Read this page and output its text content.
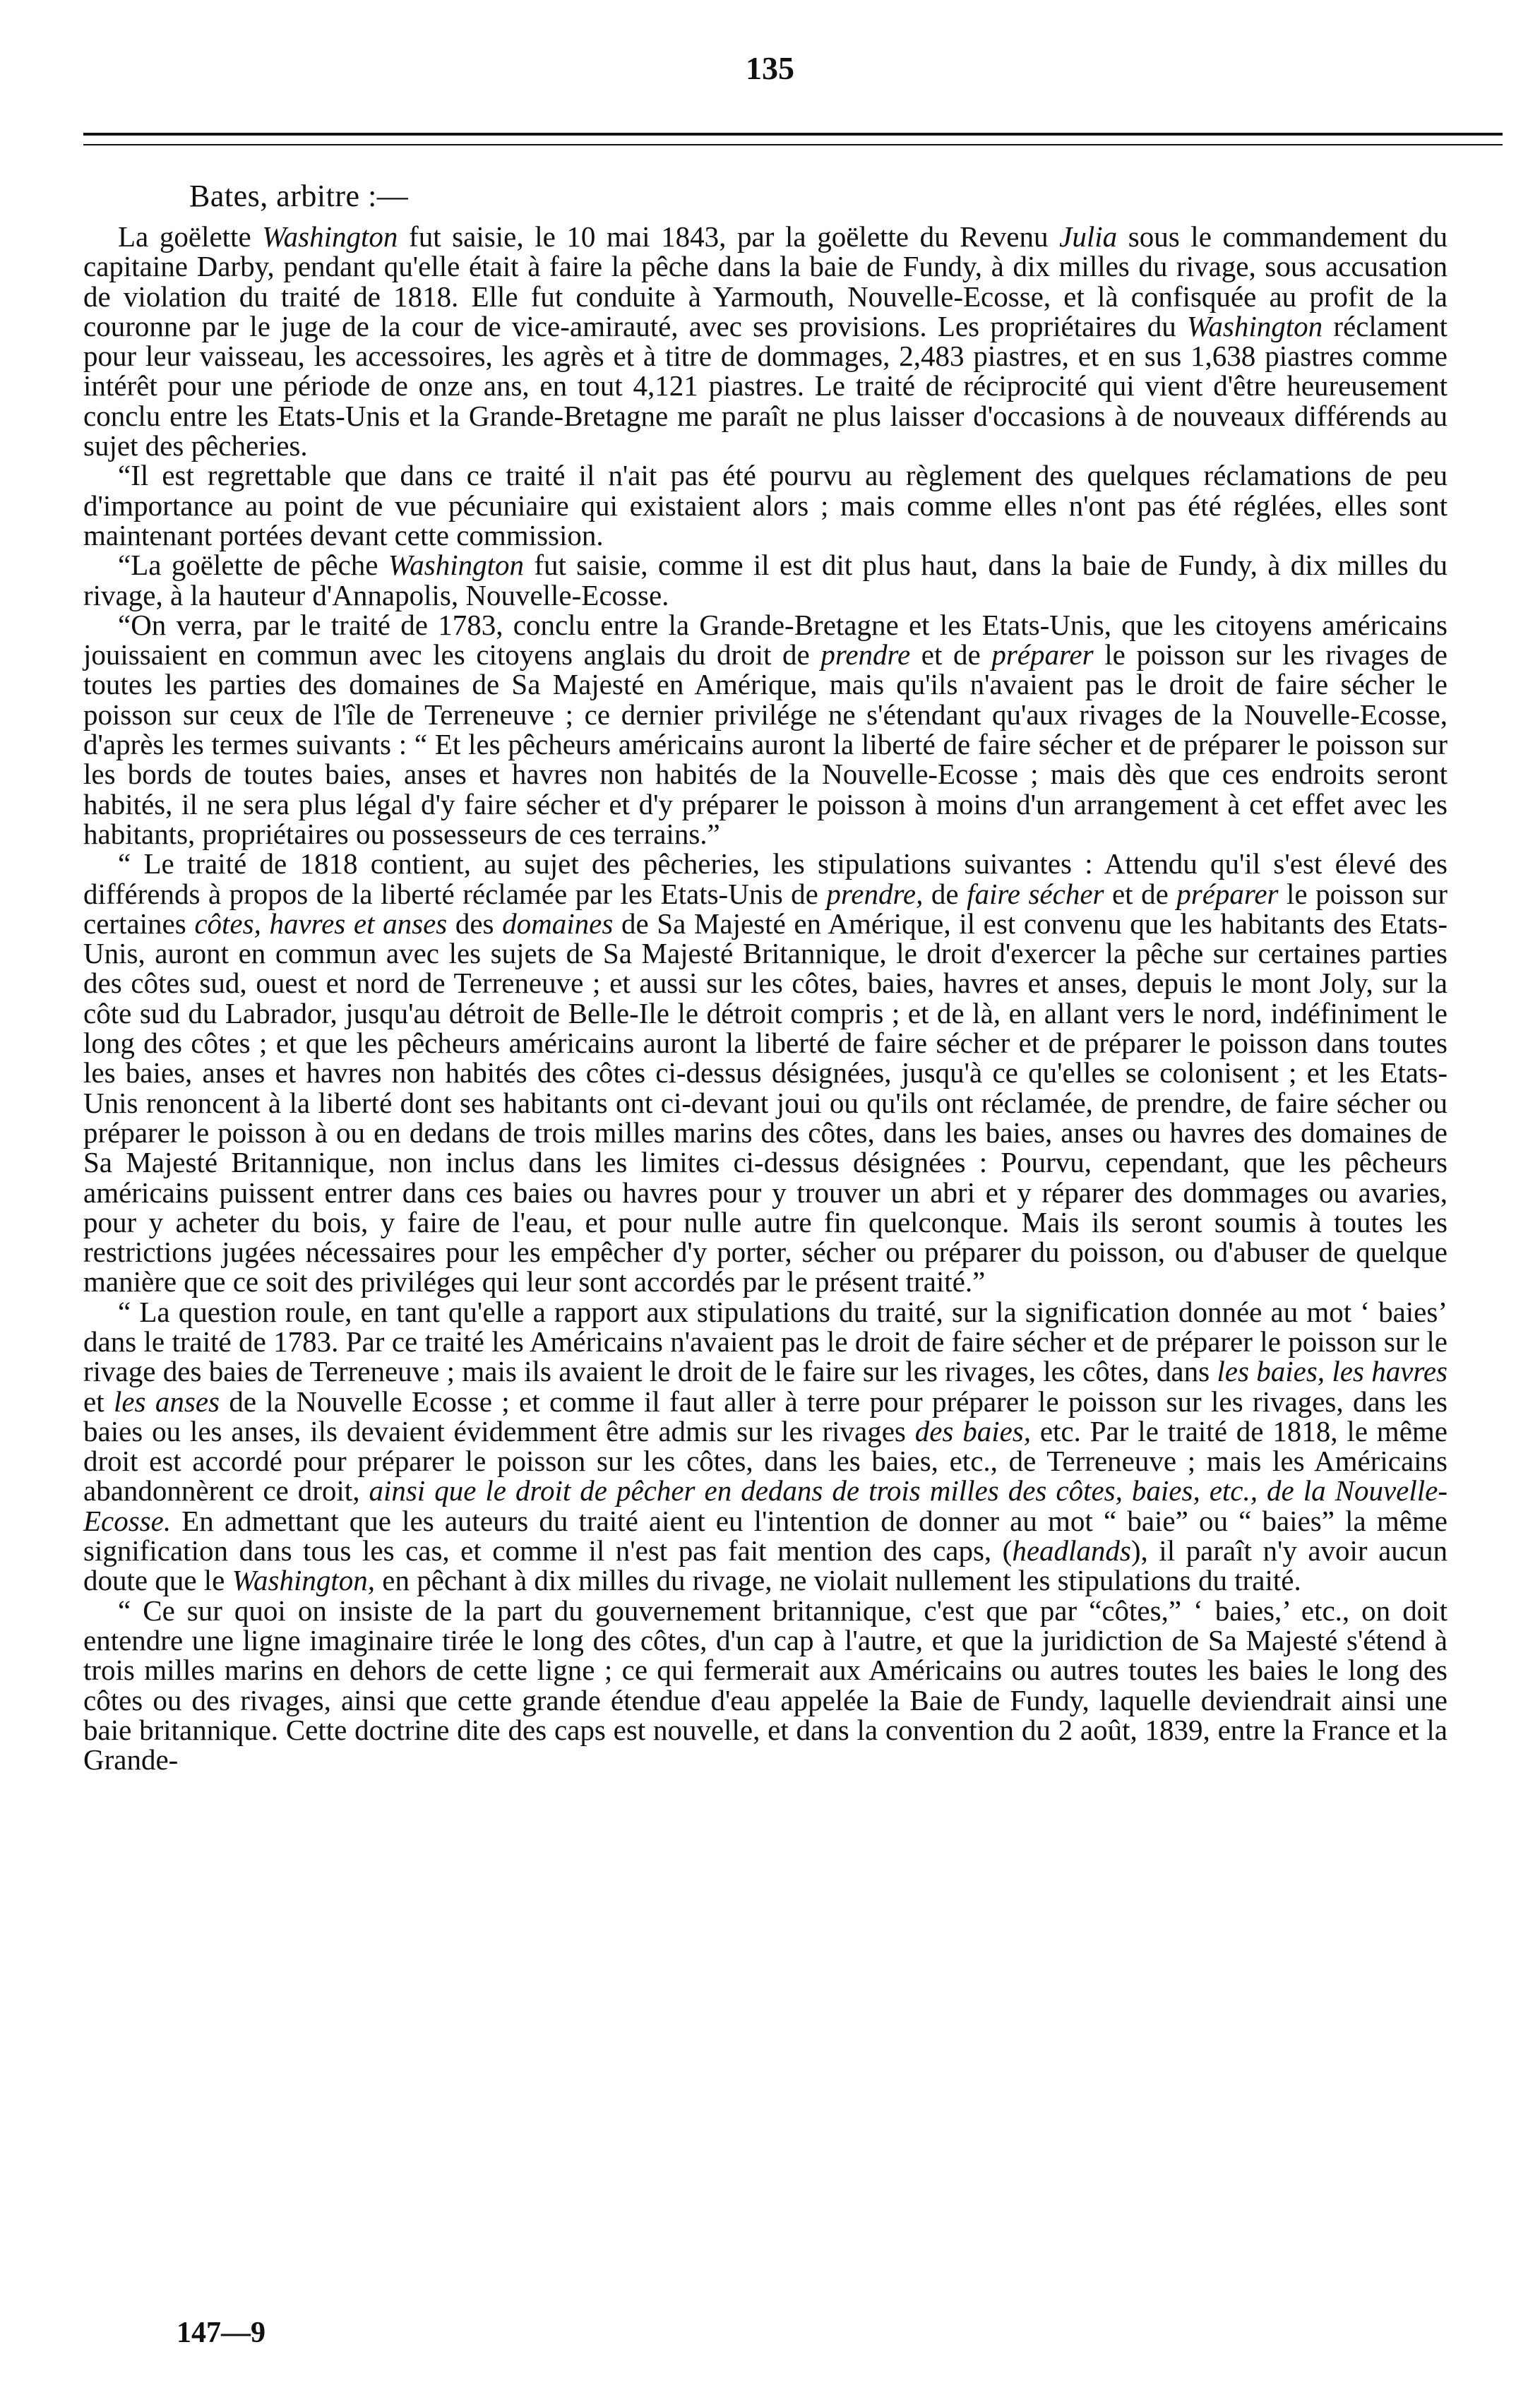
135
Bates, arbitre :—

La goëlette Washington fut saisie, le 10 mai 1843, par la goëlette du Revenu Julia sous le commandement du capitaine Darby, pendant qu'elle était à faire la pêche dans la baie de Fundy, à dix milles du rivage, sous accusation de violation du traité de 1818. Elle fut conduite à Yarmouth, Nouvelle-Ecosse, et là confisquée au profit de la couronne par le juge de la cour de vice-amirauté, avec ses provisions. Les propriétaires du Washington réclament pour leur vaisseau, les accessoires, les agrès et à titre de dommages, 2,483 piastres, et en sus 1,638 piastres comme intérêt pour une période de onze ans, en tout 4,121 piastres. Le traité de réciprocité qui vient d'être heureusement conclu entre les Etats-Unis et la Grande-Bretagne me paraît ne plus laisser d'occasions à de nouveaux différends au sujet des pêcheries.

“Il est regrettable que dans ce traité il n'ait pas été pourvu au règlement des quelques réclamations de peu d'importance au point de vue pécuniaire qui existaient alors ; mais comme elles n'ont pas été réglées, elles sont maintenant portées devant cette commission.

“La goëlette de pêche Washington fut saisie, comme il est dit plus haut, dans la baie de Fundy, à dix milles du rivage, à la hauteur d'Annapolis, Nouvelle-Ecosse.

“On verra, par le traité de 1783, conclu entre la Grande-Bretagne et les Etats-Unis, que les citoyens américains jouissaient en commun avec les citoyens anglais du droit de prendre et de préparer le poisson sur les rivages de toutes les parties des domaines de Sa Majesté en Amérique, mais qu'ils n'avaient pas le droit de faire sécher le poisson sur ceux de l'île de Terreneuve ; ce dernier privilége ne s'étendant qu'aux rivages de la Nouvelle-Ecosse, d'après les termes suivants : “ Et les pêcheurs américains auront la liberté de faire sécher et de préparer le poisson sur les bords de toutes baies, anses et havres non habités de la Nouvelle-Ecosse ; mais dès que ces endroits seront habités, il ne sera plus légal d'y faire sécher et d'y préparer le poisson à moins d'un arrangement à cet effet avec les habitants, propriétaires ou possesseurs de ces terrains.”

“ Le traité de 1818 contient, au sujet des pêcheries, les stipulations suivantes : Attendu qu'il s'est élevé des différends à propos de la liberté réclamée par les Etats-Unis de prendre, de faire sécher et de préparer le poisson sur certaines côtes, havres et anses des domaines de Sa Majesté en Amérique, il est convenu que les habitants des Etats-Unis, auront en commun avec les sujets de Sa Majesté Britannique, le droit d'exercer la pêche sur certaines parties des côtes sud, ouest et nord de Terreneuve ; et aussi sur les côtes, baies, havres et anses, depuis le mont Joly, sur la côte sud du Labrador, jusqu'au détroit de Belle-Ile le détroit compris ; et de là, en allant vers le nord, indéfiniment le long des côtes ; et que les pêcheurs américains auront la liberté de faire sécher et de préparer le poisson dans toutes les baies, anses et havres non habités des côtes ci-dessus désignées, jusqu'à ce qu'elles se colonisent ; et les Etats-Unis renoncent à la liberté dont ses habitants ont ci-devant joui ou qu'ils ont réclamée, de prendre, de faire sécher ou préparer le poisson à ou en dedans de trois milles marins des côtes, dans les baies, anses ou havres des domaines de Sa Majesté Britannique, non inclus dans les limites ci-dessus désignées : Pourvu, cependant, que les pêcheurs américains puissent entrer dans ces baies ou havres pour y trouver un abri et y réparer des dommages ou avaries, pour y acheter du bois, y faire de l'eau, et pour nulle autre fin quelconque. Mais ils seront soumis à toutes les restrictions jugées nécessaires pour les empêcher d'y porter, sécher ou préparer du poisson, ou d'abuser de quelque manière que ce soit des priviléges qui leur sont accordés par le présent traité.”

“ La question roule, en tant qu'elle a rapport aux stipulations du traité, sur la signification donnée au mot ‘ baies’ dans le traité de 1783. Par ce traité les Américains n'avaient pas le droit de faire sécher et de préparer le poisson sur le rivage des baies de Terreneuve ; mais ils avaient le droit de le faire sur les rivages, les côtes, dans les baies, les havres et les anses de la Nouvelle Ecosse ; et comme il faut aller à terre pour préparer le poisson sur les rivages, dans les baies ou les anses, ils devaient évidemment être admis sur les rivages des baies, etc. Par le traité de 1818, le même droit est accordé pour préparer le poisson sur les côtes, dans les baies, etc., de Terreneuve ; mais les Américains abandonnèrent ce droit, ainsi que le droit de pêcher en dedans de trois milles des côtes, baies, etc., de la Nouvelle-Ecosse. En admettant que les auteurs du traité aient eu l'intention de donner au mot “ baie” ou “ baies” la même signification dans tous les cas, et comme il n'est pas fait mention des caps, (headlands), il paraît n'y avoir aucun doute que le Washington, en pêchant à dix milles du rivage, ne violait nullement les stipulations du traité.

“ Ce sur quoi on insiste de la part du gouvernement britannique, c'est que par “côtes,” ‘ baies,’ etc., on doit entendre une ligne imaginaire tirée le long des côtes, d'un cap à l'autre, et que la juridiction de Sa Majesté s'étend à trois milles marins en dehors de cette ligne ; ce qui fermerait aux Américains ou autres toutes les baies le long des côtes ou des rivages, ainsi que cette grande étendue d'eau appelée la Baie de Fundy, laquelle deviendrait ainsi une baie britannique. Cette doctrine dite des caps est nouvelle, et dans la convention du 2 août, 1839, entre la France et la Grande-

147—9
